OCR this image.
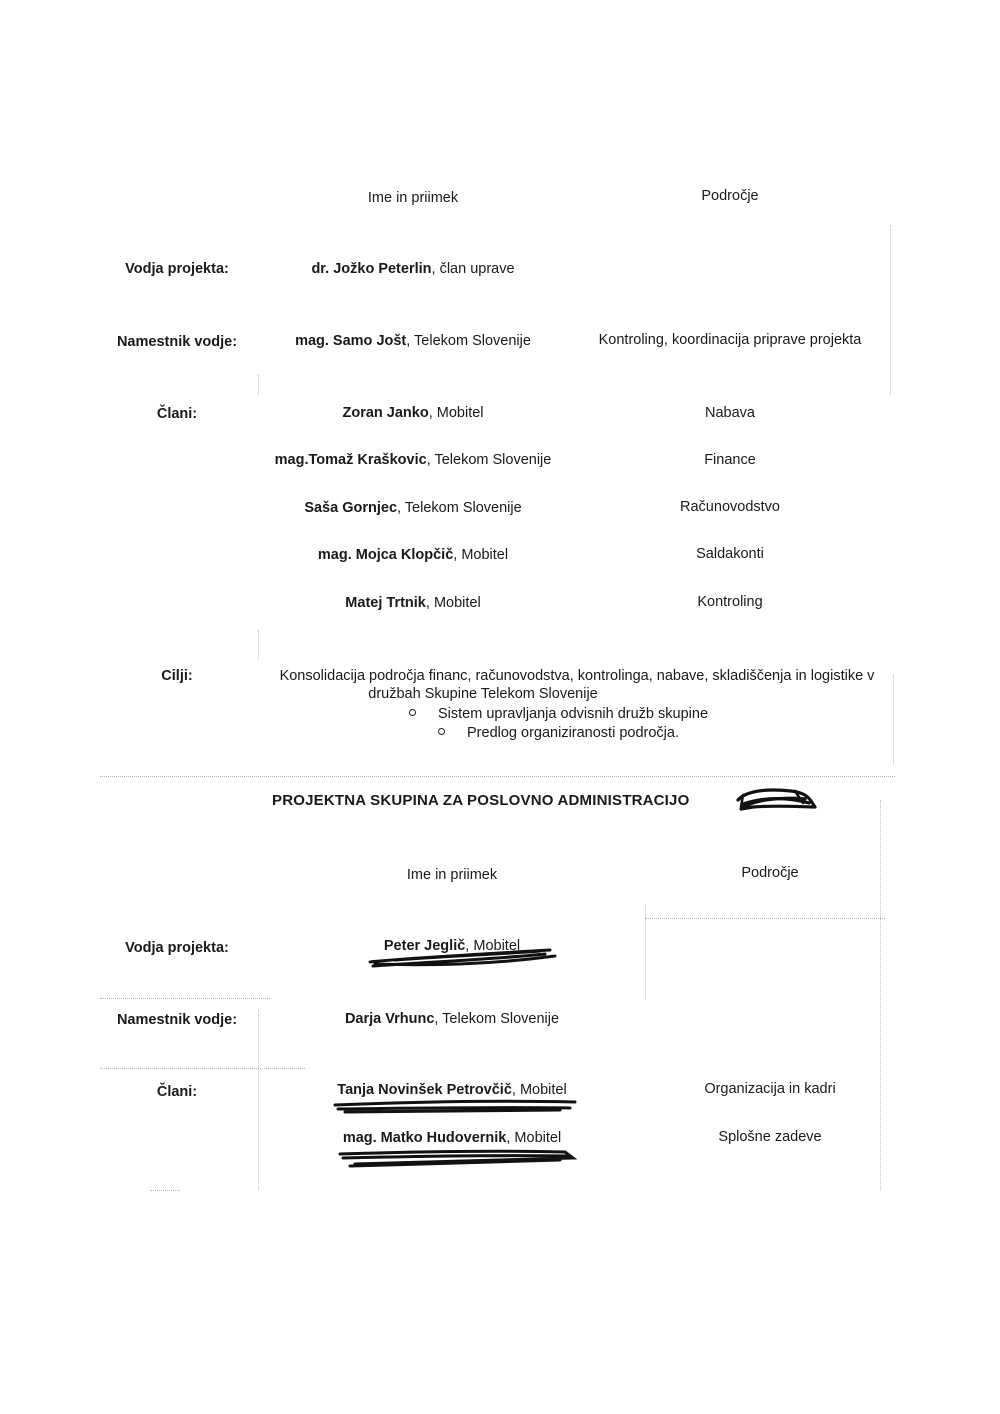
Ime in priimek	Področje
Vodja projekta:	dr. Jožko Peterlin, član uprave
Namestnik vodje:	mag. Samo Jošt, Telekom Slovenije	Kontroling, koordinacija priprave projekta
Člani:	Zoran Janko, Mobitel	Nabava
mag.Tomaž Kraškovic, Telekom Slovenije	Finance
Saša Gornjec, Telekom Slovenije	Računovodstvo
mag. Mojca Klopčič, Mobitel	Saldakonti
Matej Trtnik, Mobitel	Kontroling
Cilji:	Konsolidacija področja financ, računovodstva, kontrolinga, nabave, skladiščenja in logistike v
družbah Skupine Telekom Slovenije
Sistem upravljanja odvisnih družb skupine
Predlog organiziranosti področja.
PROJEKTNA SKUPINA ZA POSLOVNO ADMINISTRACIJO
Ime in priimek	Področje
Vodja projekta:	Peter Jeglič, Mobitel
Namestnik vodje:	Darja Vrhunc, Telekom Slovenije
Člani:	Tanja Novinšek Petrovčič, Mobitel	Organizacija in kadri
mag. Matko Hudovernik, Mobitel	Splošne zadeve
